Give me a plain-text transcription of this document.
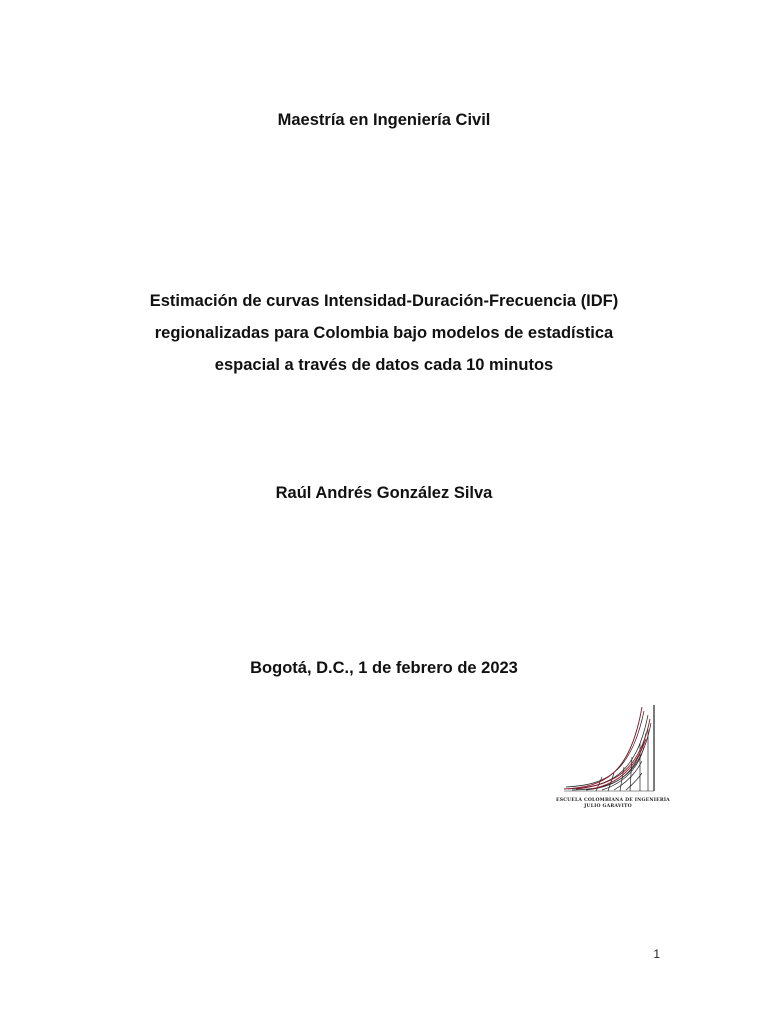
Maestría en Ingeniería Civil
Estimación de curvas Intensidad-Duración-Frecuencia (IDF)
regionalizadas para Colombia bajo modelos de estadística
espacial a través de datos cada 10 minutos
Raúl Andrés González Silva
Bogotá, D.C., 1 de febrero de 2023
ESCUELA COLOMBIANA DE INGENIERÍA
JULIO GARAVITO
1
